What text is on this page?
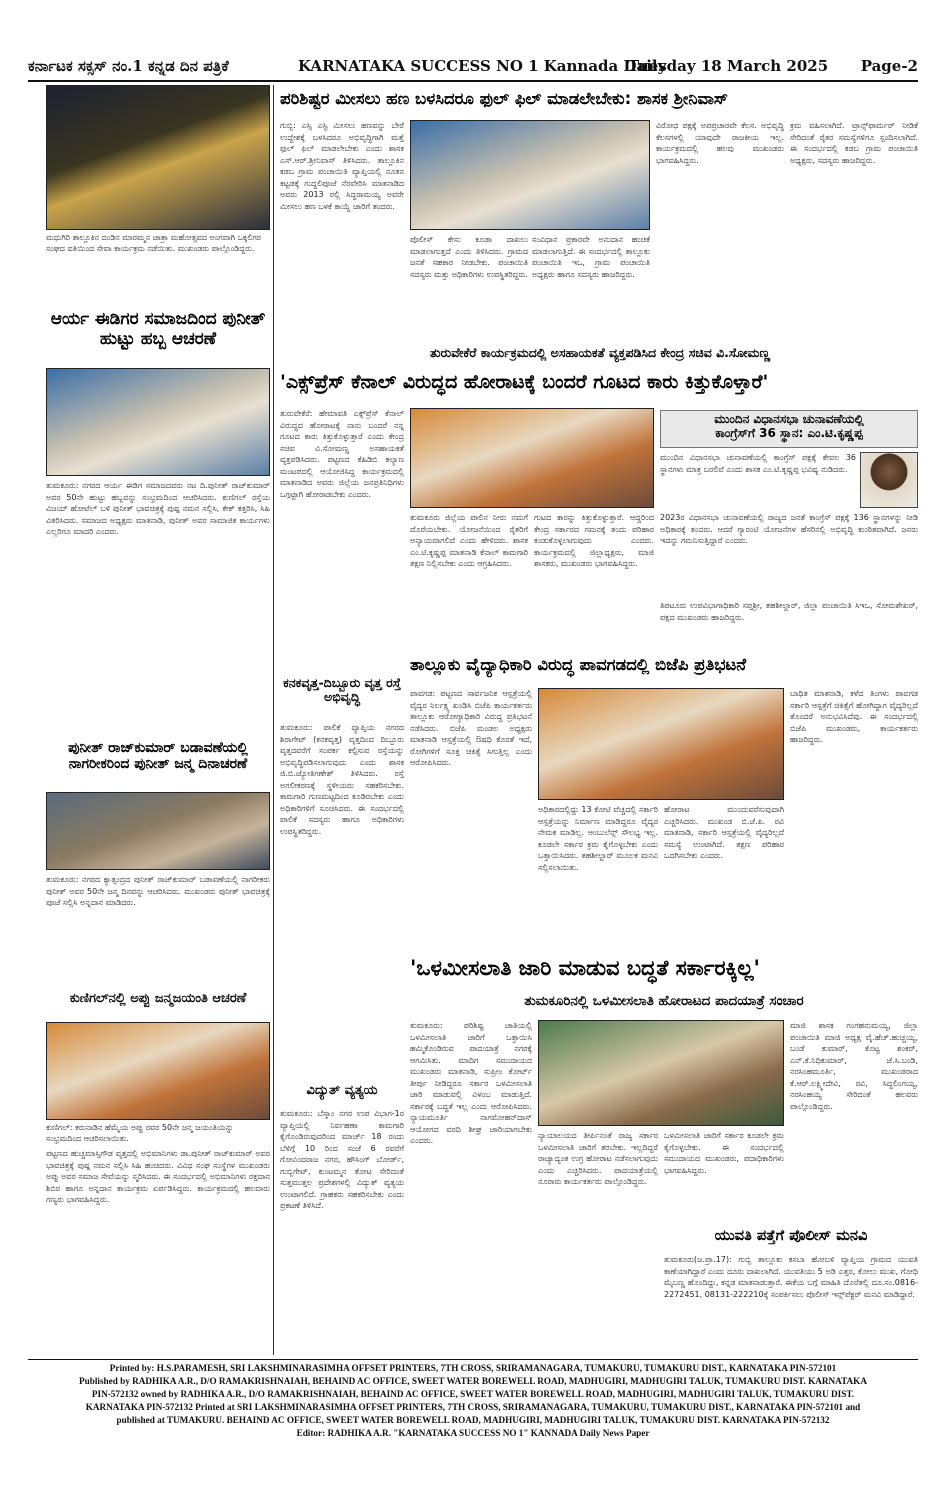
ಕರ್ನಾಟಕ ಸಕ್ಸಸ್ ನಂ.1 ಕನ್ನಡ ದಿನ ಪತ್ರಿಕೆ	KARNATAKA SUCCESS NO 1 Kannada Daily
Tuesday 18 March 2025 Page-2
ಮಧುಗಿರಿ ತಾಲ್ಲೂಕಿನ ದಂಡಿನ ಮಾರಮ್ಮನ ಜಾತ್ರಾ ಮಹೋತ್ಸವದ ಅಂಗವಾಗಿ ಒಕ್ಕಲಿಗರ ಸಂಘದ ವತಿಯಿಂದ ಸೇವಾ ಕಾರ್ಯಕ್ರಮ ನಡೆಯಿತು. ಮುಖಂಡರು ಪಾಲ್ಗೊಂಡಿದ್ದರು.
ಆರ್ಯ ಈಡಿಗರ ಸಮಾಜದಿಂದ ಪುನೀತ್ ಹುಟ್ಟು ಹಬ್ಬ ಆಚರಣೆ
ತುಮಕೂರು: ನಗರದ ಆರ್ಯ ಈಡಿಗ ಸಮಾಜದವರು ನಟ ದಿ.ಪುನೀತ್ ರಾಜ್‌ಕುಮಾರ್ ಅವರ 50ನೇ ಹುಟ್ಟು ಹಬ್ಬವನ್ನು ಸಂಭ್ರಮದಿಂದ ಆಚರಿಸಿದರು. ಕುಣಿಗಲ್ ರಸ್ತೆಯ ವಿಜಯ್ ಹೋಟೆಲ್ ಬಳಿ ಪುನೀತ್ ಭಾವಚಿತ್ರಕ್ಕೆ ಪುಷ್ಪ ನಮನ ಸಲ್ಲಿಸಿ, ಕೇಕ್ ಕತ್ತರಿಸಿ, ಸಿಹಿ ವಿತರಿಸಿದರು. ಸಮಾಜದ ಅಧ್ಯಕ್ಷರು ಮಾತನಾಡಿ, ಪುನೀತ್ ಅವರ ಸಾಮಾಜಿಕ ಕಾರ್ಯಗಳು ಎಲ್ಲರಿಗೂ ಮಾದರಿ ಎಂದರು.
ಪುನೀತ್ ರಾಜ್‌ಕುಮಾರ್ ಬಡಾವಣೆಯಲ್ಲಿ ನಾಗರೀಕರಿಂದ ಪುನೀತ್ ಜನ್ಮ ದಿನಾಚರಣೆ
ತುಮಕೂರು: ನಗರದ ಕ್ಯಾತ್ಸಂದ್ರದ ಪುನೀತ್ ರಾಜ್‌ಕುಮಾರ್ ಬಡಾವಣೆಯಲ್ಲಿ ನಾಗರೀಕರು ಪುನೀತ್ ಅವರ 50ನೇ ಜನ್ಮ ದಿನವನ್ನು ಆಚರಿಸಿದರು. ಮುಖಂಡರು ಪುನೀತ್ ಭಾವಚಿತ್ರಕ್ಕೆ ಪೂಜೆ ಸಲ್ಲಿಸಿ ಅನ್ನದಾನ ಮಾಡಿದರು.
ಕುಣಿಗಲ್‌ನಲ್ಲಿ ಅಪ್ಪು ಜನ್ಮಜಯಂತಿ ಆಚರಣೆ
ಕುಣಿಗಲ್: ಕರುನಾಡಿನ ಹೆಮ್ಮೆಯ ಅಪ್ಪು ರವರ 50ನೇ ಜನ್ಮ ಜಯಂತಿಯನ್ನು ಸಂಭ್ರಮದಿಂದ ಆಚರಿಸಲಾಯಿತು.
ಪಟ್ಟಣದ ಹುಚ್ಚಮಾಸ್ತಿಗೌಡ ವೃತ್ತದಲ್ಲಿ ಅಭಿಮಾನಿಗಳು ಡಾ.ಪುನೀತ್ ರಾಜ್‌ಕುಮಾರ್ ಅವರ ಭಾವಚಿತ್ರಕ್ಕೆ ಪುಷ್ಪ ನಮನ ಸಲ್ಲಿಸಿ ಸಿಹಿ ಹಂಚಿದರು. ವಿವಿಧ ಸಂಘ ಸಂಸ್ಥೆಗಳ ಮುಖಂಡರು ಅಪ್ಪು ಅವರ ಸಮಾಜ ಸೇವೆಯನ್ನು ಸ್ಮರಿಸಿದರು. ಈ ಸಂದರ್ಭದಲ್ಲಿ ಅಭಿಮಾನಿಗಳು ರಕ್ತದಾನ ಶಿಬಿರ ಹಾಗೂ ಅನ್ನದಾನ ಕಾರ್ಯಕ್ರಮ ಏರ್ಪಡಿಸಿದ್ದರು. ಕಾರ್ಯಕ್ರಮದಲ್ಲಿ ಹಲವಾರು ಗಣ್ಯರು ಭಾಗವಹಿಸಿದ್ದರು.
ಪರಿಶಿಷ್ಟರ ಮೀಸಲು ಹಣ ಬಳಸಿದರೂ ಫುಲ್ ಫಿಲ್ ಮಾಡಲೇಬೇಕು: ಶಾಸಕ ಶ್ರೀನಿವಾಸ್
ಗುಬ್ಬಿ: ಎಸ್ಸಿ ಎಸ್ಟಿ ಮೀಸಲು ಹಣವನ್ನು ಬೇರೆ ಉದ್ದೇಶಕ್ಕೆ ಬಳಸಿದರೂ ಅಭಿವೃದ್ಧಿಗಾಗಿ ಮತ್ತೆ ಫುಲ್ ಫಿಲ್ ಮಾಡಲೇಬೇಕು ಎಂದು ಶಾಸಕ ಎಸ್.ಆರ್.ಶ್ರೀನಿವಾಸ್ ತಿಳಿಸಿದರು. ತಾಲ್ಲೂಕಿನ ಕಡಬ ಗ್ರಾಮ ಪಂಚಾಯಿತಿ ವ್ಯಾಪ್ತಿಯಲ್ಲಿ ನೂತನ ಕಟ್ಟಡಕ್ಕೆ ಗುದ್ದಲಿಪೂಜೆ ನೆರವೇರಿಸಿ ಮಾತನಾಡಿದ ಅವರು 2013 ರಲ್ಲಿ ಸಿದ್ದರಾಮಯ್ಯ ಅವರೇ ಮೀಸಲು ಹಣ ಬಳಕೆ ಕಾಯ್ದೆ ಜಾರಿಗೆ ತಂದರು.
ಪೊಲೀಸ್ ಕೇಸು ಕೂಡಾ ದಾಖಲು ಮಾಡಲಾಗುತ್ತದೆ ಎಂದು ತಿಳಿಸಿದರು. ಗ್ರಾಮದ ಜನತೆ ಸಹಕಾರ ನೀಡಬೇಕು. ಪಂಚಾಯಿತಿ ಸದಸ್ಯರು ಮತ್ತು ಅಧಿಕಾರಿಗಳು ಉಪಸ್ಥಿತರಿದ್ದರು.
ಸಂವಿಧಾನ ಪ್ರಕಾರವೇ ಅನುದಾನ ಹಂಚಿಕೆ ಮಾಡಲಾಗುತ್ತಿದೆ. ಈ ಸಂದರ್ಭದಲ್ಲಿ ತಾಲ್ಲೂಕು ಪಂಚಾಯಿತಿ ಇಒ, ಗ್ರಾಮ ಪಂಚಾಯಿತಿ ಅಧ್ಯಕ್ಷರು ಹಾಗೂ ಸದಸ್ಯರು ಹಾಜರಿದ್ದರು.
ವಿರೋಧ ಪಕ್ಷಕ್ಕೆ ಅಪಪ್ರಚಾರವೇ ಕೆಲಸ. ಅಭಿವೃದ್ಧಿ ಕೆಲಸಗಳಲ್ಲಿ ಯಾವುದೇ ರಾಜಕೀಯ ಇಲ್ಲ. ಕಾರ್ಯಕ್ರಮದಲ್ಲಿ ಹಲವು ಮುಖಂಡರು ಭಾಗವಹಿಸಿದ್ದರು.
ಕ್ರಮ ವಹಿಸಲಾಗಿದೆ. ಟ್ರಾನ್ಸ್‌ಫಾರ್ಮರ್ ನೀಡಿಕೆ ಸೇರಿದಂತೆ ರೈತರ ಸಮಸ್ಯೆಗಳಿಗೂ ಸ್ಪಂದಿಸಲಾಗಿದೆ. ಈ ಸಂದರ್ಭದಲ್ಲಿ ಕಡಬ ಗ್ರಾಮ ಪಂಚಾಯಿತಿ ಅಧ್ಯಕ್ಷರು, ಸದಸ್ಯರು ಹಾಜರಿದ್ದರು.
ತುರುವೇಕೆರೆ ಕಾರ್ಯಕ್ರಮದಲ್ಲಿ ಅಸಹಾಯಕತೆ ವ್ಯಕ್ತಪಡಿಸಿದ ಕೇಂದ್ರ ಸಚಿವ ವಿ.ಸೋಮಣ್ಣ
'ಎಕ್ಸ್‌ಪ್ರೆಸ್ ಕೆನಾಲ್ ವಿರುದ್ಧದ ಹೋರಾಟಕ್ಕೆ ಬಂದರೆ ಗೂಟದ ಕಾರು ಕಿತ್ತುಕೊಳ್ತಾರೆ'
ತುರುವೇಕೆರೆ: ಹೇಮಾವತಿ ಎಕ್ಸ್‌ಪ್ರೆಸ್ ಕೆನಾಲ್ ವಿರುದ್ಧದ ಹೋರಾಟಕ್ಕೆ ನಾನು ಬಂದರೆ ನನ್ನ ಗೂಟದ ಕಾರು ಕಿತ್ತುಕೊಳ್ಳುತ್ತಾರೆ ಎಂದು ಕೇಂದ್ರ ಸಚಿವ ವಿ.ಸೋಮಣ್ಣ ಅಸಹಾಯಕತೆ ವ್ಯಕ್ತಪಡಿಸಿದರು. ಪಟ್ಟಣದ ಕೆಹಿಡಿಬಿ ಕಲ್ಯಾಣ ಮಂಟಪದಲ್ಲಿ ಆಯೋಜಿಸಿದ್ದ ಕಾರ್ಯಕ್ರಮದಲ್ಲಿ ಮಾತನಾಡಿದ ಅವರು ಜಿಲ್ಲೆಯ ಜನಪ್ರತಿನಿಧಿಗಳು ಒಗ್ಗಟ್ಟಾಗಿ ಹೋರಾಡಬೇಕು ಎಂದರು.
ತುಮಕೂರು ಜಿಲ್ಲೆಯ ಪಾಲಿನ ನೀರು ನಮಗೆ ದೊರೆಯಬೇಕು. ಯೋಜನೆಯಿಂದ ರೈತರಿಗೆ ಅನ್ಯಾಯವಾಗಲಿದೆ ಎಂದು ಹೇಳಿದರು. ಶಾಸಕ ಎಂ.ಟಿ.ಕೃಷ್ಣಪ್ಪ ಮಾತನಾಡಿ ಕೆನಾಲ್ ಕಾಮಗಾರಿ ತಕ್ಷಣ ನಿಲ್ಲಿಸಬೇಕು ಎಂದು ಆಗ್ರಹಿಸಿದರು.
ಗುಟದ ಕಾರನ್ನು ಕಿತ್ತುಕೊಳ್ಳುತ್ತಾರೆ. ಆದ್ದರಿಂದ ಕೇಂದ್ರ ಸರ್ಕಾರದ ಗಮನಕ್ಕೆ ತಂದು ಪರಿಹಾರ ಕಂಡುಕೊಳ್ಳಲಾಗುವುದು ಎಂದರು. ಕಾರ್ಯಕ್ರಮದಲ್ಲಿ ಜಿಲ್ಲಾಧ್ಯಕ್ಷರು, ಮಾಜಿ ಶಾಸಕರು, ಮುಖಂಡರು ಭಾಗವಹಿಸಿದ್ದರು.
ಮುಂದಿನ ವಿಧಾನಸಭಾ ಚುನಾವಣೆಯಲ್ಲಿ
ಕಾಂಗ್ರೆಸ್‌ಗೆ 36 ಸ್ಥಾನ: ಎಂ.ಟಿ.ಕೃಷ್ಣಪ್ಪ
ಮುಂದಿನ ವಿಧಾನಸಭಾ ಚುನಾವಣೆಯಲ್ಲಿ ಕಾಂಗ್ರೆಸ್ ಪಕ್ಷಕ್ಕೆ ಕೇವಲ 36 ಸ್ಥಾನಗಳು ಮಾತ್ರ ಬರಲಿವೆ ಎಂದು ಶಾಸಕ ಎಂ.ಟಿ.ಕೃಷ್ಣಪ್ಪ ಭವಿಷ್ಯ ನುಡಿದರು.
2023ರ ವಿಧಾನಸಭಾ ಚುನಾವಣೆಯಲ್ಲಿ ರಾಜ್ಯದ ಜನತೆ ಕಾಂಗ್ರೆಸ್ ಪಕ್ಷಕ್ಕೆ 136 ಸ್ಥಾನಗಳನ್ನು ನೀಡಿ ಅಧಿಕಾರಕ್ಕೆ ತಂದರು. ಆದರೆ ಗ್ಯಾರಂಟಿ ಯೋಜನೆಗಳ ಹೆಸರಿನಲ್ಲಿ ಅಭಿವೃದ್ಧಿ ಕುಂಠಿತವಾಗಿದೆ. ಜನರು ಇದನ್ನು ಗಮನಿಸುತ್ತಿದ್ದಾರೆ ಎಂದರು.
ತಿಪಟೂರು ಉಪವಿಭಾಗಾಧಿಕಾರಿ ಸಪ್ತಶ್ರೀ, ತಹಶೀಲ್ದಾರ್, ಜಿಲ್ಲಾ ಪಂಚಾಯಿತಿ ಸಿಇಒ, ಸೋಮಶೇಖರ್, ಪಕ್ಷದ ಮುಖಂಡರು ಹಾಜರಿದ್ದರು.
ಕನಕವೃತ್ತ-ದಿಬ್ಬೂರು ವೃತ್ತ ರಸ್ತೆ ಅಭಿವೃದ್ಧಿ
ತುಮಕೂರು: ಪಾಲಿಕೆ ವ್ಯಾಪ್ತಿಯ ನಗರದ ಶಿರಾಗೇಟ್ (ಕನಕವೃತ್ತ) ವೃತ್ತದಿಂದ ದಿಬ್ಬೂರು ವೃತ್ತದವರೆಗೆ ಸಂಪರ್ಕ ಕಲ್ಪಿಸುವ ರಸ್ತೆಯನ್ನು ಅಭಿವೃದ್ಧಿಪಡಿಸಲಾಗುವುದು ಎಂದು ಶಾಸಕ ಜಿ.ಬಿ.ಜ್ಯೋತಿಗಣೇಶ್ ತಿಳಿಸಿದರು. ರಸ್ತೆ ಅಗಲೀಕರಣಕ್ಕೆ ಸ್ಥಳೀಯರು ಸಹಕರಿಸಬೇಕು. ಕಾಮಗಾರಿ ಗುಣಮಟ್ಟದಿಂದ ಕೂಡಿರಬೇಕು ಎಂದು ಅಧಿಕಾರಿಗಳಿಗೆ ಸೂಚಿಸಿದರು. ಈ ಸಂದರ್ಭದಲ್ಲಿ ಪಾಲಿಕೆ ಸದಸ್ಯರು ಹಾಗೂ ಅಧಿಕಾರಿಗಳು ಉಪಸ್ಥಿತರಿದ್ದರು.
ವಿದ್ಯುತ್ ವ್ಯತ್ಯಯ
ತುಮಕೂರು: ಬೆಸ್ಕಾಂ ನಗರ ಉಪ ವಿಭಾಗ-1ರ ವ್ಯಾಪ್ತಿಯಲ್ಲಿ ನಿರ್ವಹಣಾ ಕಾಮಗಾರಿ ಕೈಗೊಂಡಿರುವುದರಿಂದ ಮಾರ್ಚ್ 18 ರಂದು ಬೆಳಿಗ್ಗೆ 10 ರಿಂದ ಸಂಜೆ 6 ರವರೆಗೆ ಗೋವಿಂದರಾಜ ನಗರ, ಹೌಸಿಂಗ್ ಬೋರ್ಡ್, ಗುಬ್ಬಿಗೇಟ್, ಕುಂಟಮ್ಮನ ತೋಟ ಸೇರಿದಂತೆ ಸುತ್ತಮುತ್ತಲ ಪ್ರದೇಶಗಳಲ್ಲಿ ವಿದ್ಯುತ್ ವ್ಯತ್ಯಯ ಉಂಟಾಗಲಿದೆ. ಗ್ರಾಹಕರು ಸಹಕರಿಸಬೇಕು ಎಂದು ಪ್ರಕಟಣೆ ತಿಳಿಸಿದೆ.
ತಾಲ್ಲೂಕು ವೈದ್ಯಾಧಿಕಾರಿ ವಿರುದ್ಧ ಪಾವಗಡದಲ್ಲಿ ಬಿಜೆಪಿ ಪ್ರತಿಭಟನೆ
ಪಾವಗಡ: ಪಟ್ಟಣದ ಸಾರ್ವಜನಿಕ ಆಸ್ಪತ್ರೆಯಲ್ಲಿ ವೈದ್ಯರ ನಿರ್ಲಕ್ಷ್ಯ ಖಂಡಿಸಿ ಬಿಜೆಪಿ ಕಾರ್ಯಕರ್ತರು ತಾಲ್ಲೂಕು ಆರೋಗ್ಯಾಧಿಕಾರಿ ವಿರುದ್ಧ ಪ್ರತಿಭಟನೆ ನಡೆಸಿದರು. ಬಿಜೆಪಿ ಮಂಡಲ ಅಧ್ಯಕ್ಷರು ಮಾತನಾಡಿ ಆಸ್ಪತ್ರೆಯಲ್ಲಿ ಔಷಧಿ ಕೊರತೆ ಇದೆ, ರೋಗಿಗಳಿಗೆ ಸೂಕ್ತ ಚಿಕಿತ್ಸೆ ಸಿಗುತ್ತಿಲ್ಲ ಎಂದು ಆರೋಪಿಸಿದರು.
ಅಧಿಕಾರದಲ್ಲಿದ್ದು 13 ಕೋಟಿ ವೆಚ್ಚದಲ್ಲಿ ಸರ್ಕಾರಿ ಆಸ್ಪತ್ರೆಯನ್ನು ನಿರ್ಮಾಣ ಮಾಡಿದ್ದರೂ ವೈದ್ಯರ ನೇಮಕ ಮಾಡಿಲ್ಲ. ಆಂಬುಲೆನ್ಸ್ ಸೌಲಭ್ಯ ಇಲ್ಲ. ಕೂಡಲೇ ಸರ್ಕಾರ ಕ್ರಮ ಕೈಗೊಳ್ಳಬೇಕು ಎಂದು ಒತ್ತಾಯಿಸಿದರು. ತಹಶೀಲ್ದಾರ್ ಮೂಲಕ ಮನವಿ ಸಲ್ಲಿಸಲಾಯಿತು.
ಹೋರಾಟ ಮುಂದುವರೆಸುವುದಾಗಿ ಎಚ್ಚರಿಸಿದರು. ಮುಖಂಡ ಬಿ.ಜೆ.ಪಿ. ರವಿ ಮಾತನಾಡಿ, ಸರ್ಕಾರಿ ಆಸ್ಪತ್ರೆಯಲ್ಲಿ ವೈದ್ಯರಿಲ್ಲದೆ ಸಮಸ್ಯೆ ಉಂಟಾಗಿದೆ. ತಕ್ಷಣ ಪರಿಹಾರ ಒದಗಿಸಬೇಕು ಎಂದರು.
ಬಾಧಿತ ಮಾತನಾಡಿ, ಕಳೆದ ತಿಂಗಳು ಪಾವಗಡ ಸರ್ಕಾರಿ ಆಸ್ಪತ್ರೆಗೆ ಚಿಕಿತ್ಸೆಗೆ ಹೋಗಿದ್ದಾಗ ವೈದ್ಯರಿಲ್ಲದೆ ತೊಂದರೆ ಅನುಭವಿಸಿದೆವು. ಈ ಸಂದರ್ಭದಲ್ಲಿ ಬಿಜೆಪಿ ಮುಖಂಡರು, ಕಾರ್ಯಕರ್ತರು ಹಾಜರಿದ್ದರು.
'ಒಳಮೀಸಲಾತಿ ಜಾರಿ ಮಾಡುವ ಬದ್ಧತೆ ಸರ್ಕಾರಕ್ಕಿಲ್ಲ'
ತುಮಕೂರಿನಲ್ಲಿ ಒಳಮೀಸಲಾತಿ ಹೋರಾಟದ ಪಾದಯಾತ್ರೆ ಸಂಚಾರ
ತುಮಕೂರು: ಪರಿಶಿಷ್ಟ ಜಾತಿಯಲ್ಲಿ ಒಳಮೀಸಲಾತಿ ಜಾರಿಗೆ ಒತ್ತಾಯಿಸಿ ಹಮ್ಮಿಕೊಂಡಿರುವ ಪಾದಯಾತ್ರೆ ನಗರಕ್ಕೆ ಆಗಮಿಸಿತು. ಮಾದಿಗ ಸಮುದಾಯದ ಮುಖಂಡರು ಮಾತನಾಡಿ, ಸುಪ್ರೀಂ ಕೋರ್ಟ್ ತೀರ್ಪು ನೀಡಿದ್ದರೂ ಸರ್ಕಾರ ಒಳಮೀಸಲಾತಿ ಜಾರಿ ಮಾಡುವಲ್ಲಿ ವಿಳಂಬ ಮಾಡುತ್ತಿದೆ. ಸರ್ಕಾರಕ್ಕೆ ಬದ್ಧತೆ ಇಲ್ಲ ಎಂದು ಆರೋಪಿಸಿದರು. ನ್ಯಾಯಮೂರ್ತಿ ನಾಗಮೋಹನ್‌ದಾಸ್ ಆಯೋಗದ ವರದಿ ಶೀಘ್ರ ಜಾರಿಯಾಗಬೇಕು ಎಂದರು.
ನ್ಯಾಯಾಲಯದ ತೀರ್ಪಿನಂತೆ ರಾಜ್ಯ ಸರ್ಕಾರ ಒಳಮೀಸಲಾತಿ ಜಾರಿಗೆ ತರಬೇಕು. ಇಲ್ಲದಿದ್ದರೆ ರಾಜ್ಯಾದ್ಯಂತ ಉಗ್ರ ಹೋರಾಟ ನಡೆಸಲಾಗುವುದು ಎಂದು ಎಚ್ಚರಿಸಿದರು. ಪಾದಯಾತ್ರೆಯಲ್ಲಿ ನೂರಾರು ಕಾರ್ಯಕರ್ತರು ಪಾಲ್ಗೊಂಡಿದ್ದರು.
ಒಳಮೀಸಲಾತಿ ಜಾರಿಗೆ ಸರ್ಕಾರ ಕೂಡಲೇ ಕ್ರಮ ಕೈಗೊಳ್ಳಬೇಕು. ಈ ಸಂದರ್ಭದಲ್ಲಿ ಸಮುದಾಯದ ಮುಖಂಡರು, ಪದಾಧಿಕಾರಿಗಳು ಭಾಗವಹಿಸಿದ್ದರು.
ಮಾಜಿ ಶಾಸಕ ಗಂಗಹನುಮಯ್ಯ, ಜಿಲ್ಲಾ ಪಂಚಾಯಿತಿ ಮಾಜಿ ಅಧ್ಯಕ್ಷ ವೈ.ಹೆಚ್.ಹುಚ್ಚಯ್ಯ, ಬಂಡೆ ಕುಮಾರ್, ಕೊಟ್ಟ ಶಂಕರ್, ಎನ್.ಕೆ.ನಿಧಿಕುಮಾರ್, ಜೆ.ಸಿ.ಬಂಡಿ, ನರಸಿಂಹಮೂರ್ತಿ, ಮುಖಂಡರಾದ ಕೆ.ಆರ್.ಲಕ್ಷ್ಮೀದೇವಿ, ರವಿ, ಸಿದ್ದಲಿಂಗಯ್ಯ, ನರಸಿಂಹಯ್ಯ ಸೇರಿದಂತೆ ಹಲವರು ಪಾಲ್ಗೊಂಡಿದ್ದರು.
ಯುವತಿ ಪತ್ತೆಗೆ ಪೊಲೀಸ್ ಮನವಿ
ತುಮಕೂರು(ಜ.ಪ್ರಾ.17): ಗುಬ್ಬಿ ತಾಲ್ಲೂಕು ಕಸಬಾ ಹೋಬಳಿ ವ್ಯಾಪ್ತಿಯ ಗ್ರಾಮದ ಯುವತಿ ಕಾಣೆಯಾಗಿದ್ದಾರೆ ಎಂದು ದೂರು ದಾಖಲಾಗಿದೆ. ಯುವತಿಯು 5 ಅಡಿ ಎತ್ತರ, ಕೋಲು ಮುಖ, ಗೋಧಿ ಮೈಬಣ್ಣ ಹೊಂದಿದ್ದು, ಕನ್ನಡ ಮಾತನಾಡುತ್ತಾರೆ. ಈಕೆಯ ಬಗ್ಗೆ ಮಾಹಿತಿ ದೊರೆತಲ್ಲಿ ದೂ.ಸಂ.0816-2272451, 08131-222210ಕ್ಕೆ ಸಂಪರ್ಕಿಸಲು ಪೊಲೀಸ್ ಇನ್ಸ್‌ಪೆಕ್ಟರ್ ಮನವಿ ಮಾಡಿದ್ದಾರೆ.
Printed by: H.S.PARAMESH, SRI LAKSHMINARASIMHA OFFSET PRINTERS, 7TH CROSS, SRIRAMANAGARA, TUMAKURU, TUMAKURU DIST., KARNATAKA PIN-572101
Published by RADHIKA A.R., D/O RAMAKRISHNAIAH, BEHAIND AC OFFICE, SWEET WATER BOREWELL ROAD, MADHUGIRI, MADHUGIRI TALUK, TUMAKURU DIST. KARNATAKA
PIN-572132 owned by RADHIKA A.R., D/O RAMAKRISHNAIAH, BEHAIND AC OFFICE, SWEET WATER BOREWELL ROAD, MADHUGIRI, MADHUGIRI TALUK, TUMAKURU DIST.
KARNATAKA PIN-572132 Printed at SRI LAKSHMINARASIMHA OFFSET PRINTERS, 7TH CROSS, SRIRAMANAGARA, TUMAKURU, TUMAKURU DIST., KARNATAKA PIN-572101 and
published at TUMAKURU. BEHAIND AC OFFICE, SWEET WATER BOREWELL ROAD, MADHUGIRI, MADHUGIRI TALUK, TUMAKURU DIST. KARNATAKA PIN-572132
Editor: RADHIKA A.R. "KARNATAKA SUCCESS NO 1" KANNADA Daily News Paper
